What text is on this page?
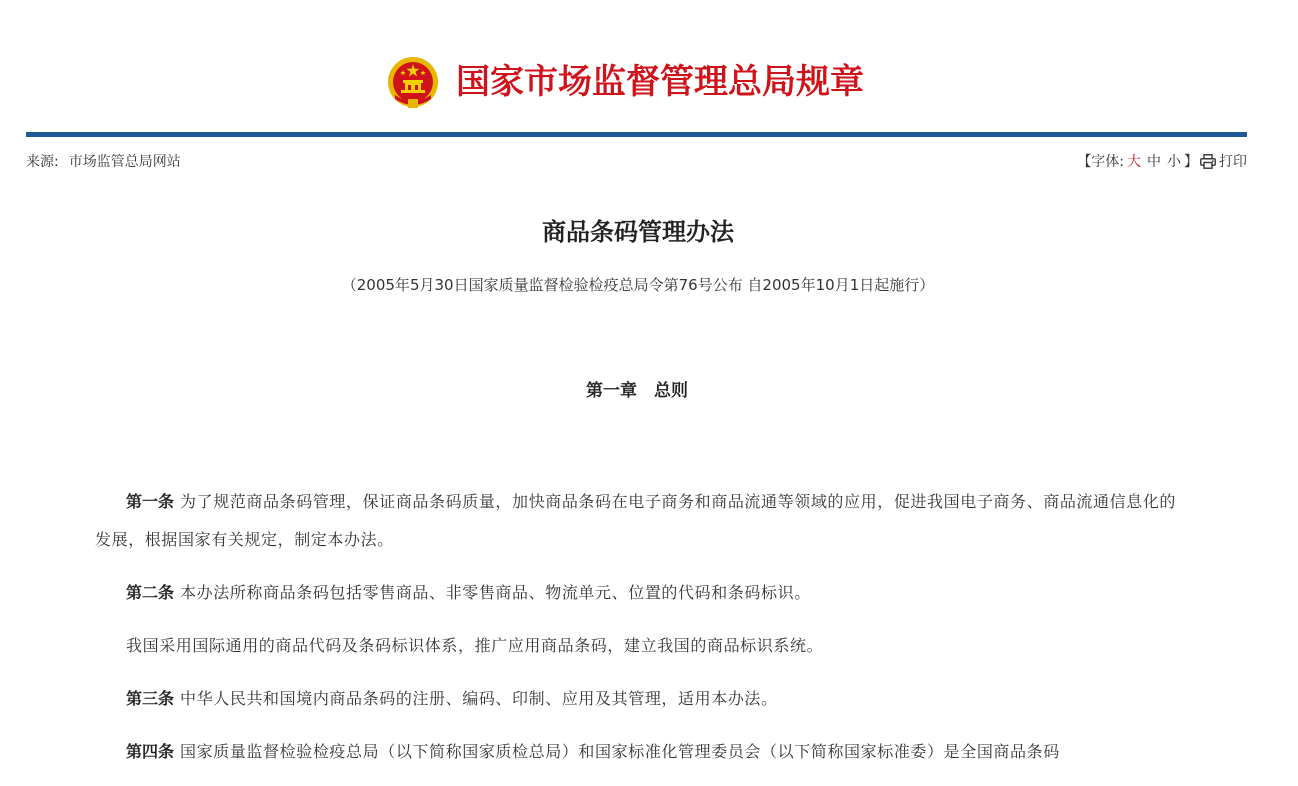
国家市场监督管理总局规章
来源: 市场监管总局网站	【字体: 大 中 小 】 打印
商品条码管理办法
（2005年5月30日国家质量监督检验检疫总局令第76号公布 自2005年10月1日起施行）
第一章　总则

第一条 为了规范商品条码管理，保证商品条码质量，加快商品条码在电子商务和商品流通等领域的应用，促进我国电子商务、商品流通信息化的发展，根据国家有关规定，制定本办法。

第二条 本办法所称商品条码包括零售商品、非零售商品、物流单元、位置的代码和条码标识。

我国采用国际通用的商品代码及条码标识体系，推广应用商品条码，建立我国的商品标识系统。

第三条 中华人民共和国境内商品条码的注册、编码、印制、应用及其管理，适用本办法。

第四条 国家质量监督检验检疫总局（以下简称国家质检总局）和国家标准化管理委员会（以下简称国家标准委）是全国商品条码
